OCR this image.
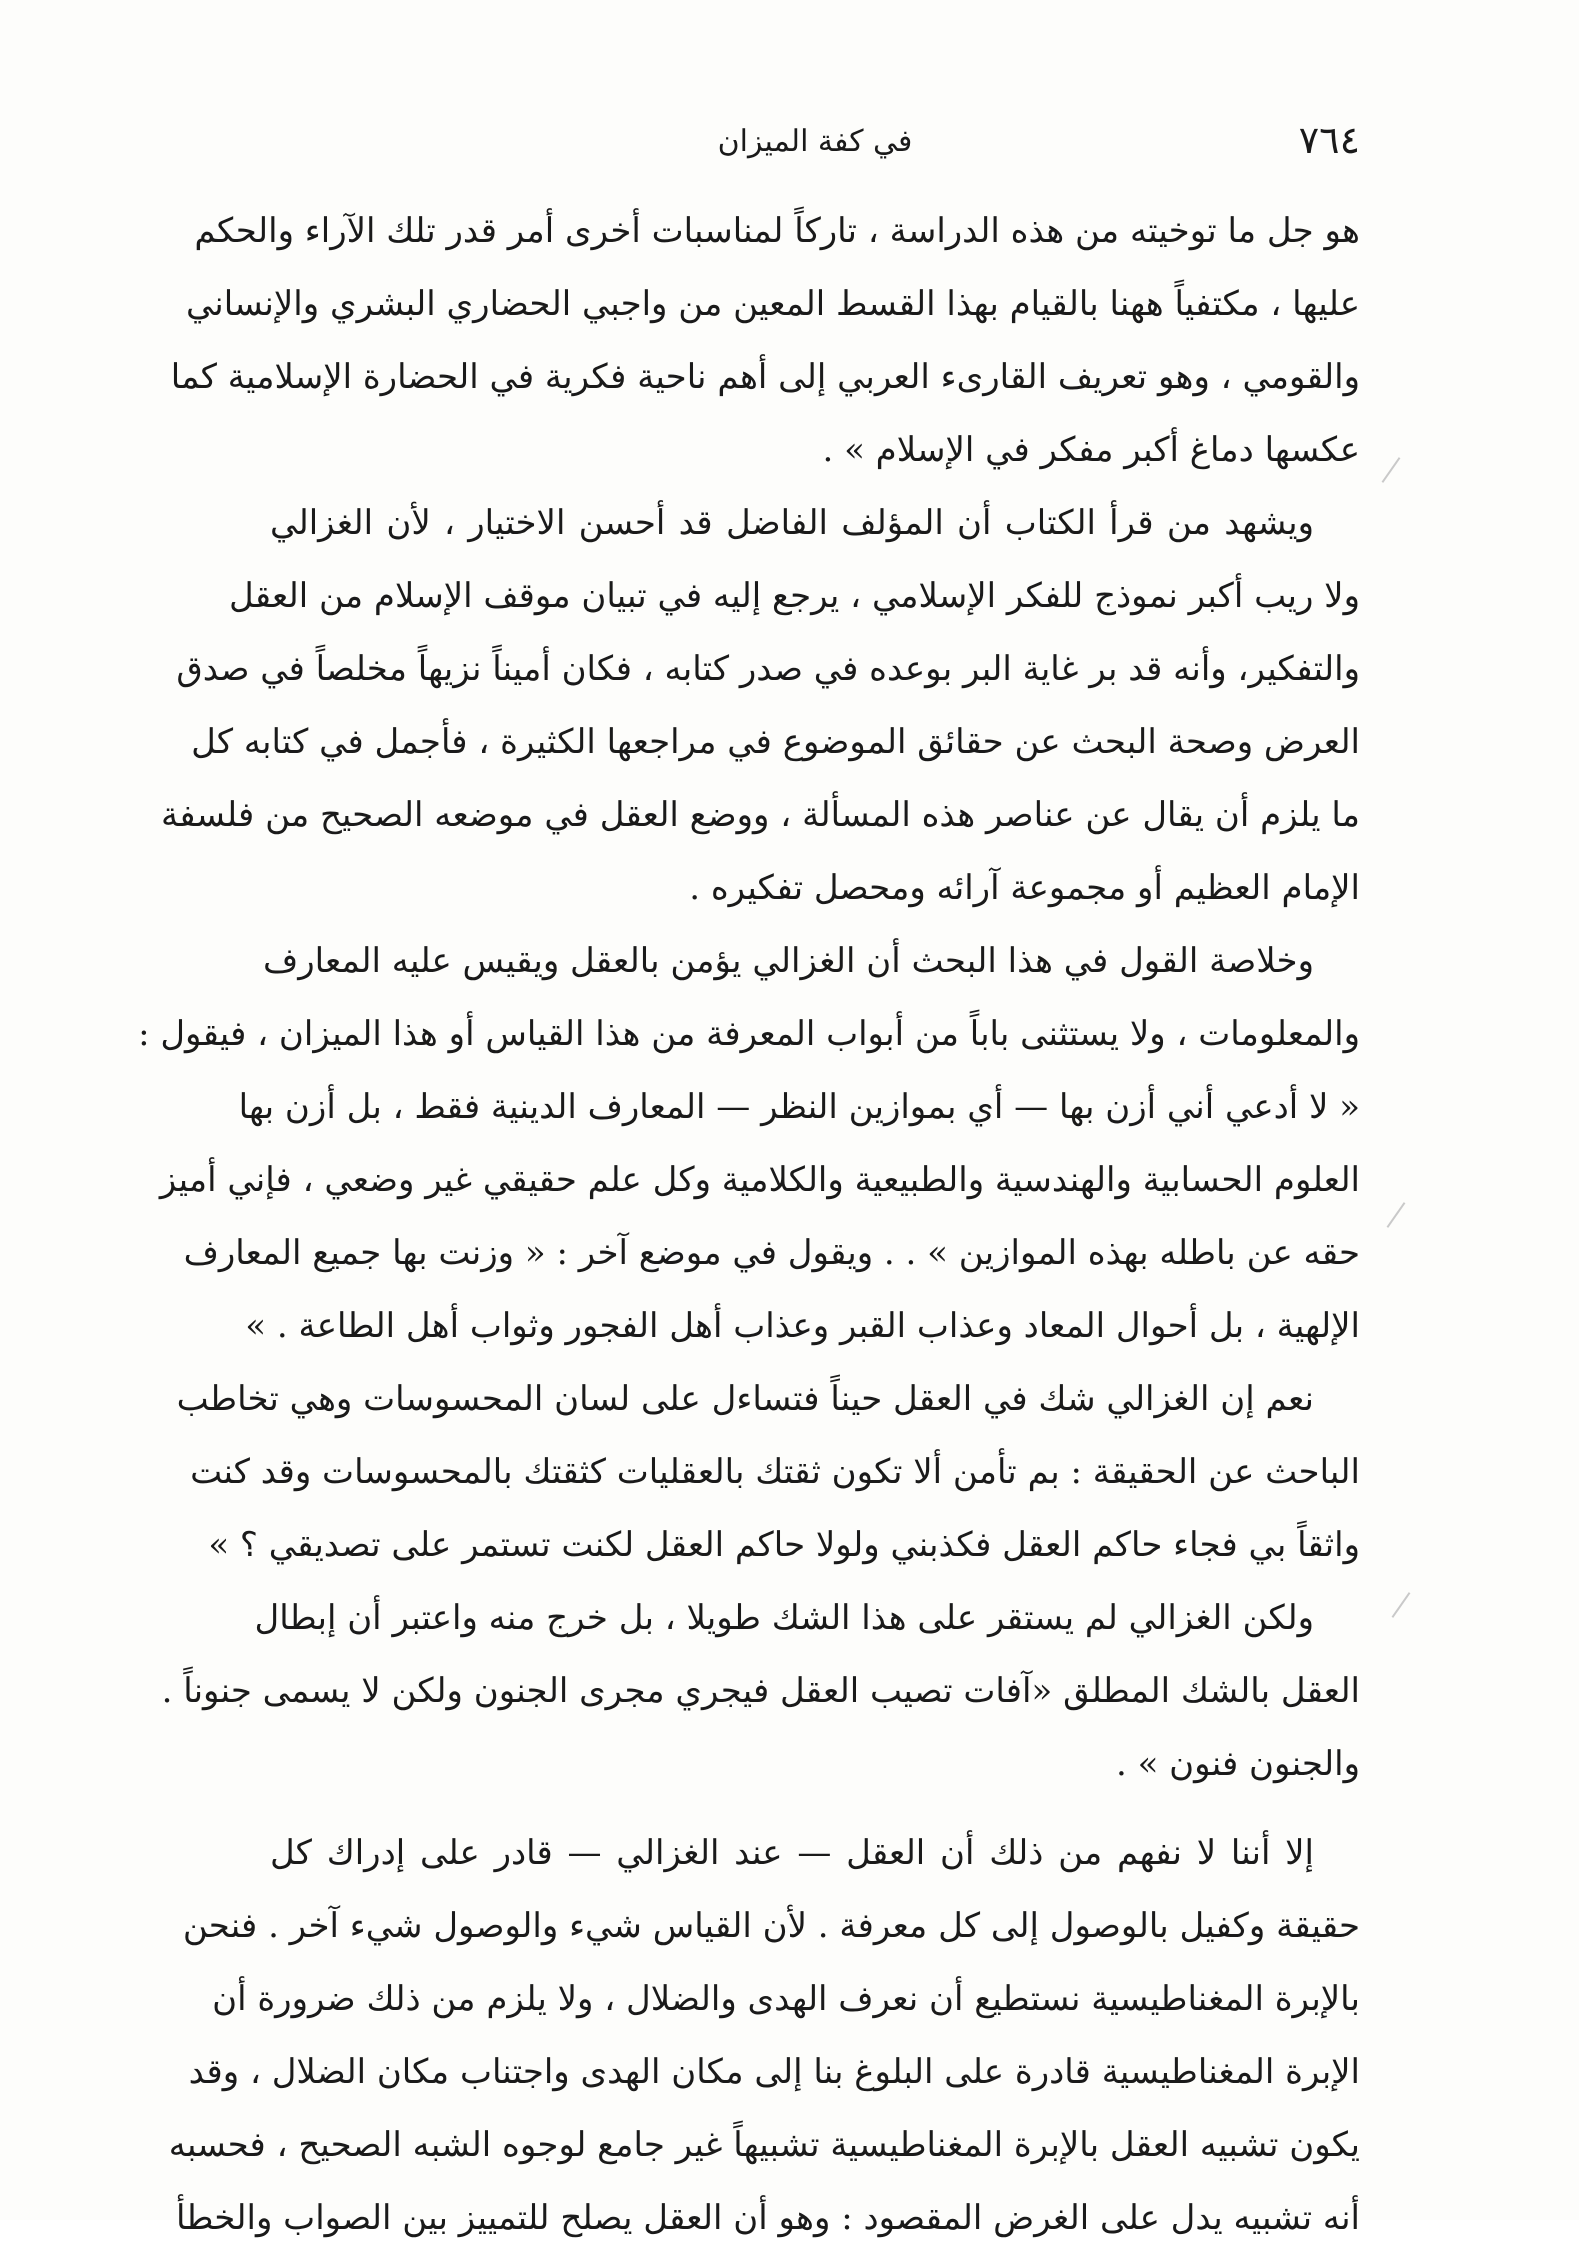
٧٦٤
في كفة الميزان
هو جل ما توخيته من هذه الدراسة ، تاركاً لمناسبات أخرى أمر قدر تلك الآراء والحكم
عليها ، مكتفياً ههنا بالقيام بهذا القسط المعين من واجبي الحضاري البشري والإنساني
والقومي ، وهو تعريف القارىء العربي إلى أهم ناحية فكرية في الحضارة الإسلامية كما
عكسها دماغ أكبر مفكر في الإسلام » .
ويشهد من قرأ الكتاب أن المؤلف الفاضل قد أحسن الاختيار ، لأن الغزالي
ولا ريب أكبر نموذج للفكر الإسلامي ، يرجع إليه في تبيان موقف الإسلام من العقل
والتفكير، وأنه قد بر غاية البر بوعده في صدر كتابه ، فكان أميناً نزيهاً مخلصاً في صدق
العرض وصحة البحث عن حقائق الموضوع في مراجعها الكثيرة ، فأجمل في كتابه كل
ما يلزم أن يقال عن عناصر هذه المسألة ، ووضع العقل في موضعه الصحيح من فلسفة
الإمام العظيم أو مجموعة آرائه ومحصل تفكيره .
وخلاصة القول في هذا البحث أن الغزالي يؤمن بالعقل ويقيس عليه المعارف
والمعلومات ، ولا يستثنى باباً من أبواب المعرفة من هذا القياس أو هذا الميزان ، فيقول :
« لا أدعي أني أزن بها — أي بموازين النظر — المعارف الدينية فقط ، بل أزن بها
العلوم الحسابية والهندسية والطبيعية والكلامية وكل علم حقيقي غير وضعي ، فإني أميز
حقه عن باطله بهذه الموازين » . . ويقول في موضع آخر : « وزنت بها جميع المعارف
الإلهية ، بل أحوال المعاد وعذاب القبر وعذاب أهل الفجور وثواب أهل الطاعة . »
نعم إن الغزالي شك في العقل حيناً فتساءل على لسان المحسوسات وهي تخاطب
الباحث عن الحقيقة : بم تأمن ألا تكون ثقتك بالعقليات كثقتك بالمحسوسات وقد كنت
واثقاً بي فجاء حاكم العقل فكذبني ولولا حاكم العقل لكنت تستمر على تصديقي ؟ »
ولكن الغزالي لم يستقر على هذا الشك طويلا ، بل خرج منه واعتبر أن إبطال
العقل بالشك المطلق «آفات تصيب العقل فيجري مجرى الجنون ولكن لا يسمى جنوناً .
والجنون فنون » .
إلا أننا لا نفهم من ذلك أن العقل — عند الغزالي — قادر على إدراك كل
حقيقة وكفيل بالوصول إلى كل معرفة . لأن القياس شيء والوصول شيء آخر . فنحن
بالإبرة المغناطيسية نستطيع أن نعرف الهدى والضلال ، ولا يلزم من ذلك ضرورة أن
الإبرة المغناطيسية قادرة على البلوغ بنا إلى مكان الهدى واجتناب مكان الضلال ، وقد
يكون تشبيه العقل بالإبرة المغناطيسية تشبيهاً غير جامع لوجوه الشبه الصحيح ، فحسبه
أنه تشبيه يدل على الغرض المقصود : وهو أن العقل يصلح للتمييز بين الصواب والخطأ
